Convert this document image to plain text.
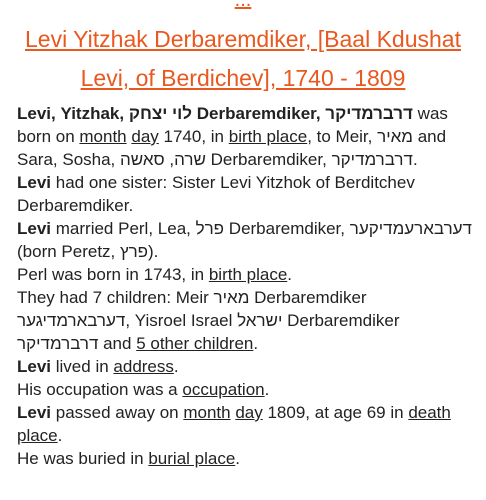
Levi Yitzhak Derbaremdiker, [Baal Kdushat Levi, of Berdichev], 1740 - 1809

Levi, Yitzhak, לוי יצחק Derbaremdiker, דרברמדיקר was born on month day 1740, in birth place, to Meir, מאיר and Sara, Sosha, שרה, סאשה Derbaremdiker, דרברמדיקר.

Levi had one sister: Sister Levi Yitzhok of Berditchev Derbaremdiker.

Levi married Perl, Lea, פרל Derbaremdiker, דערבארעמדיקער (born Peretz, פרץ).

Perl was born in 1743, in birth place.

They had 7 children: Meir מאיר Derbaremdiker דערבארמדיגער, Yisroel Israel ישראל Derbaremdiker דרברמדיקר and 5 other children.

Levi lived in address.

His occupation was a occupation.

Levi passed away on month day 1809, at age 69 in death place.

He was buried in burial place.
